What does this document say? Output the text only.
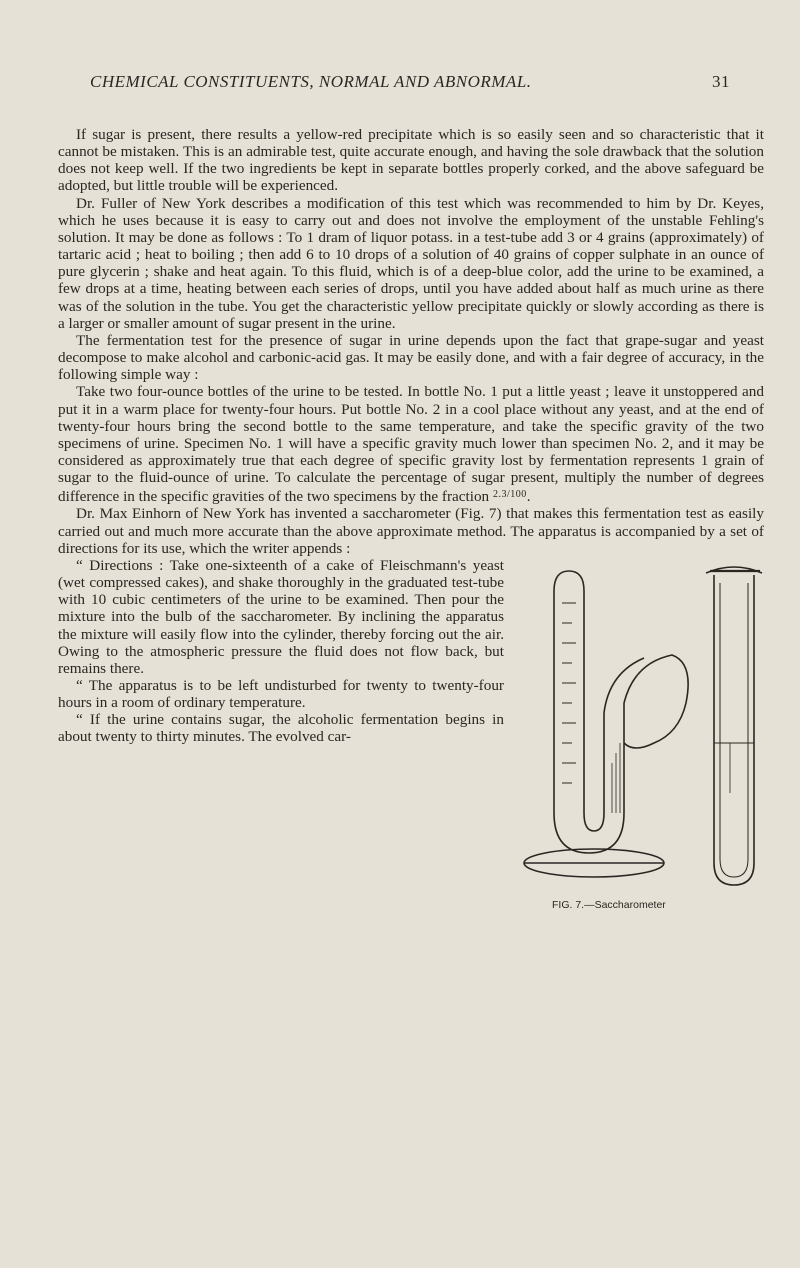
CHEMICAL CONSTITUENTS, NORMAL AND ABNORMAL.	31

If sugar is present, there results a yellow-red precipitate which is so easily seen and so characteristic that it cannot be mistaken. This is an admirable test, quite accurate enough, and having the sole drawback that the solution does not keep well. If the two ingredients be kept in separate bottles properly corked, and the above safeguard be adopted, but little trouble will be experienced.

Dr. Fuller of New York describes a modification of this test which was recommended to him by Dr. Keyes, which he uses because it is easy to carry out and does not involve the employment of the unstable Fehling's solution. It may be done as follows : To 1 dram of liquor potass. in a test-tube add 3 or 4 grains (approximately) of tartaric acid ; heat to boiling ; then add 6 to 10 drops of a solution of 40 grains of copper sulphate in an ounce of pure glycerin ; shake and heat again. To this fluid, which is of a deep-blue color, add the urine to be examined, a few drops at a time, heating between each series of drops, until you have added about half as much urine as there was of the solution in the tube. You get the characteristic yellow precipitate quickly or slowly according as there is a larger or smaller amount of sugar present in the urine.

The fermentation test for the presence of sugar in urine depends upon the fact that grape-sugar and yeast decompose to make alcohol and carbonic-acid gas. It may be easily done, and with a fair degree of accuracy, in the following simple way :

Take two four-ounce bottles of the urine to be tested. In bottle No. 1 put a little yeast ; leave it unstoppered and put it in a warm place for twenty-four hours. Put bottle No. 2 in a cool place without any yeast, and at the end of twenty-four hours bring the second bottle to the same temperature, and take the specific gravity of the two specimens of urine. Specimen No. 1 will have a specific gravity much lower than specimen No. 2, and it may be considered as approximately true that each degree of specific gravity lost by fermentation represents 1 grain of sugar to the fluid-ounce of urine. To calculate the percentage of sugar present, multiply the number of degrees difference in the specific gravities of the two specimens by the fraction $^{2.3/100}$.

Dr. Max Einhorn of New York has invented a saccharometer (Fig. 7) that makes this fermentation test as easily carried out and much more accurate than the above approximate method. The apparatus is accompanied by a set of directions for its use, which the writer appends :

FIG. 7.—Saccharometer

“ Directions : Take one-sixteenth of a cake of Fleischmann's yeast (wet compressed cakes), and shake thoroughly in the graduated test-tube with 10 cubic centimeters of the urine to be examined. Then pour the mixture into the bulb of the saccharometer. By inclining the apparatus the mixture will easily flow into the cylinder, thereby forcing out the air. Owing to the atmospheric pressure the fluid does not flow back, but remains there.

“ The apparatus is to be left undisturbed for twenty to twenty-four hours in a room of ordinary temperature.

“ If the urine contains sugar, the alcoholic fermentation begins in about twenty to thirty minutes. The evolved car-
